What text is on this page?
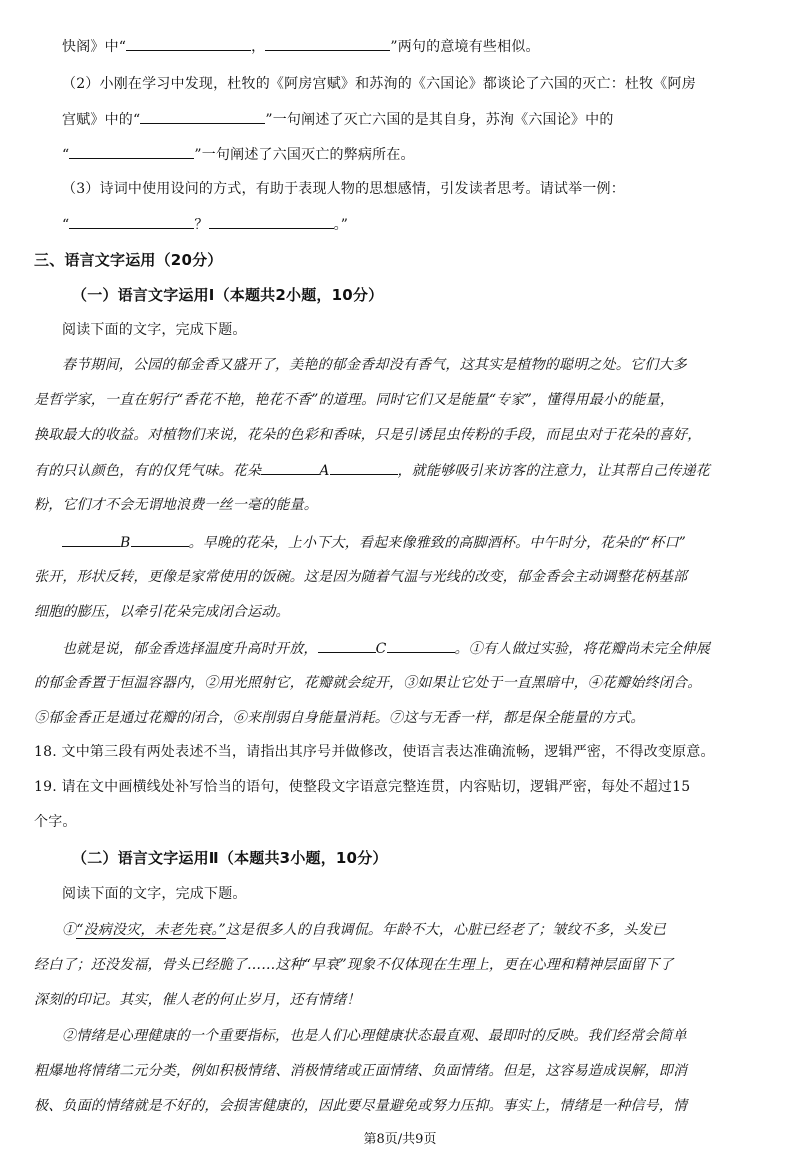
快阁》中“	，	”两句的意境有些相似。
（2）小刚在学习中发现，杜牧的《阿房宫赋》和苏洵的《六国论》都谈论了六国的灭亡：杜牧《阿房
宫赋》中的“	”一句阐述了灭亡六国的是其自身，苏洵《六国论》中的
“	”一句阐述了六国灭亡的弊病所在。
（3）诗词中使用设问的方式，有助于表现人物的思想感情，引发读者思考。请试举一例：
“	？	。”
三、语言文字运用（20分）
（一）语言文字运用Ⅰ（本题共2小题，10分）
阅读下面的文字，完成下题。
春节期间，公园的郁金香又盛开了，美艳的郁金香却没有香气，这其实是植物的聪明之处。它们大多
是哲学家，一直在躬行“香花不艳，艳花不香”的道理。同时它们又是能量“专家”，懂得用最小的能量，
换取最大的收益。对植物们来说，花朵的色彩和香味，只是引诱昆虫传粉的手段，而昆虫对于花朵的喜好，
有的只认颜色，有的仅凭气味。花朵	A	，就能够吸引来访客的注意力，让其帮自己传递花
粉，它们才不会无谓地浪费一丝一毫的能量。
B	。早晚的花朵，上小下大，看起来像雅致的高脚酒杯。中午时分，花朵的“杯口”
张开，形状反转，更像是家常使用的饭碗。这是因为随着气温与光线的改变，郁金香会主动调整花柄基部
细胞的膨压，以牵引花朵完成闭合运动。
也就是说，郁金香选择温度升高时开放，	C	。①有人做过实验，将花瓣尚未完全伸展
的郁金香置于恒温容器内，②用光照射它，花瓣就会绽开，③如果让它处于一直黑暗中，④花瓣始终闭合。
⑤郁金香正是通过花瓣的闭合，⑥来削弱自身能量消耗。⑦这与无香一样，都是保全能量的方式。
18. 文中第三段有两处表述不当，请指出其序号并做修改，使语言表达准确流畅，逻辑严密，不得改变原意。
19. 请在文中画横线处补写恰当的语句，使整段文字语意完整连贯，内容贴切，逻辑严密，每处不超过15
个字。
（二）语言文字运用Ⅱ（本题共3小题，10分）
阅读下面的文字，完成下题。
①“没病没灾，未老先衰。”这是很多人的自我调侃。年龄不大，心脏已经老了；皱纹不多，头发已
经白了；还没发福，骨头已经脆了……这种“早衰”现象不仅体现在生理上，更在心理和精神层面留下了
深刻的印记。其实，催人老的何止岁月，还有情绪！
②情绪是心理健康的一个重要指标，也是人们心理健康状态最直观、最即时的反映。我们经常会简单
粗爆地将情绪二元分类，例如积极情绪、消极情绪或正面情绪、负面情绪。但是，这容易造成误解，即消
极、负面的情绪就是不好的，会损害健康的，因此要尽量避免或努力压抑。事实上，情绪是一种信号，情
第8页/共9页
